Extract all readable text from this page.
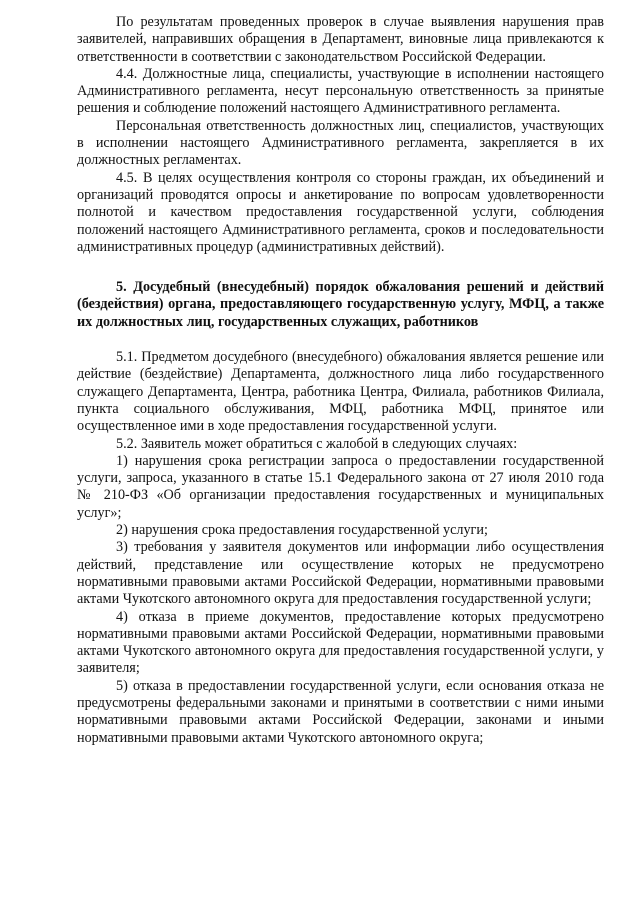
По результатам проведенных проверок в случае выявления нарушения прав заявителей, направивших обращения в Департамент, виновные лица привлекаются к ответственности в соответствии с законодательством Российской Федерации.

4.4. Должностные лица, специалисты, участвующие в исполнении настоящего Административного регламента, несут персональную ответственность за принятые решения и соблюдение положений настоящего Административного регламента.

Персональная ответственность должностных лиц, специалистов, участвующих в исполнении настоящего Административного регламента, закрепляется в их должностных регламентах.

4.5. В целях осуществления контроля со стороны граждан, их объединений и организаций проводятся опросы и анкетирование по вопросам удовлетворенности полнотой и качеством предоставления государственной услуги, соблюдения положений настоящего Административного регламента, сроков и последовательности административных процедур (административных действий).

5. Досудебный (внесудебный) порядок обжалования решений и действий (бездействия) органа, предоставляющего государственную услугу, МФЦ, а также их должностных лиц, государственных служащих, работников

5.1. Предметом досудебного (внесудебного) обжалования является решение или действие (бездействие) Департамента, должностного лица либо государственного служащего Департамента, Центра, работника Центра, Филиала, работников Филиала, пункта социального обслуживания, МФЦ, работника МФЦ, принятое или осуществленное ими в ходе предоставления государственной услуги.

5.2. Заявитель может обратиться с жалобой в следующих случаях:

1) нарушения срока регистрации запроса о предоставлении государственной услуги, запроса, указанного в статье 15.1 Федерального закона от 27 июля 2010 года № 210-ФЗ «Об организации предоставления государственных и муниципальных услуг»;

2) нарушения срока предоставления государственной услуги;

3) требования у заявителя документов или информации либо осуществления действий, представление или осуществление которых не предусмотрено нормативными правовыми актами Российской Федерации, нормативными правовыми актами Чукотского автономного округа для предоставления государственной услуги;

4) отказа в приеме документов, предоставление которых предусмотрено нормативными правовыми актами Российской Федерации, нормативными правовыми актами Чукотского автономного округа для предоставления государственной услуги, у заявителя;

5) отказа в предоставлении государственной услуги, если основания отказа не предусмотрены федеральными законами и принятыми в соответствии с ними иными нормативными правовыми актами Российской Федерации, законами и иными нормативными правовыми актами Чукотского автономного округа;
